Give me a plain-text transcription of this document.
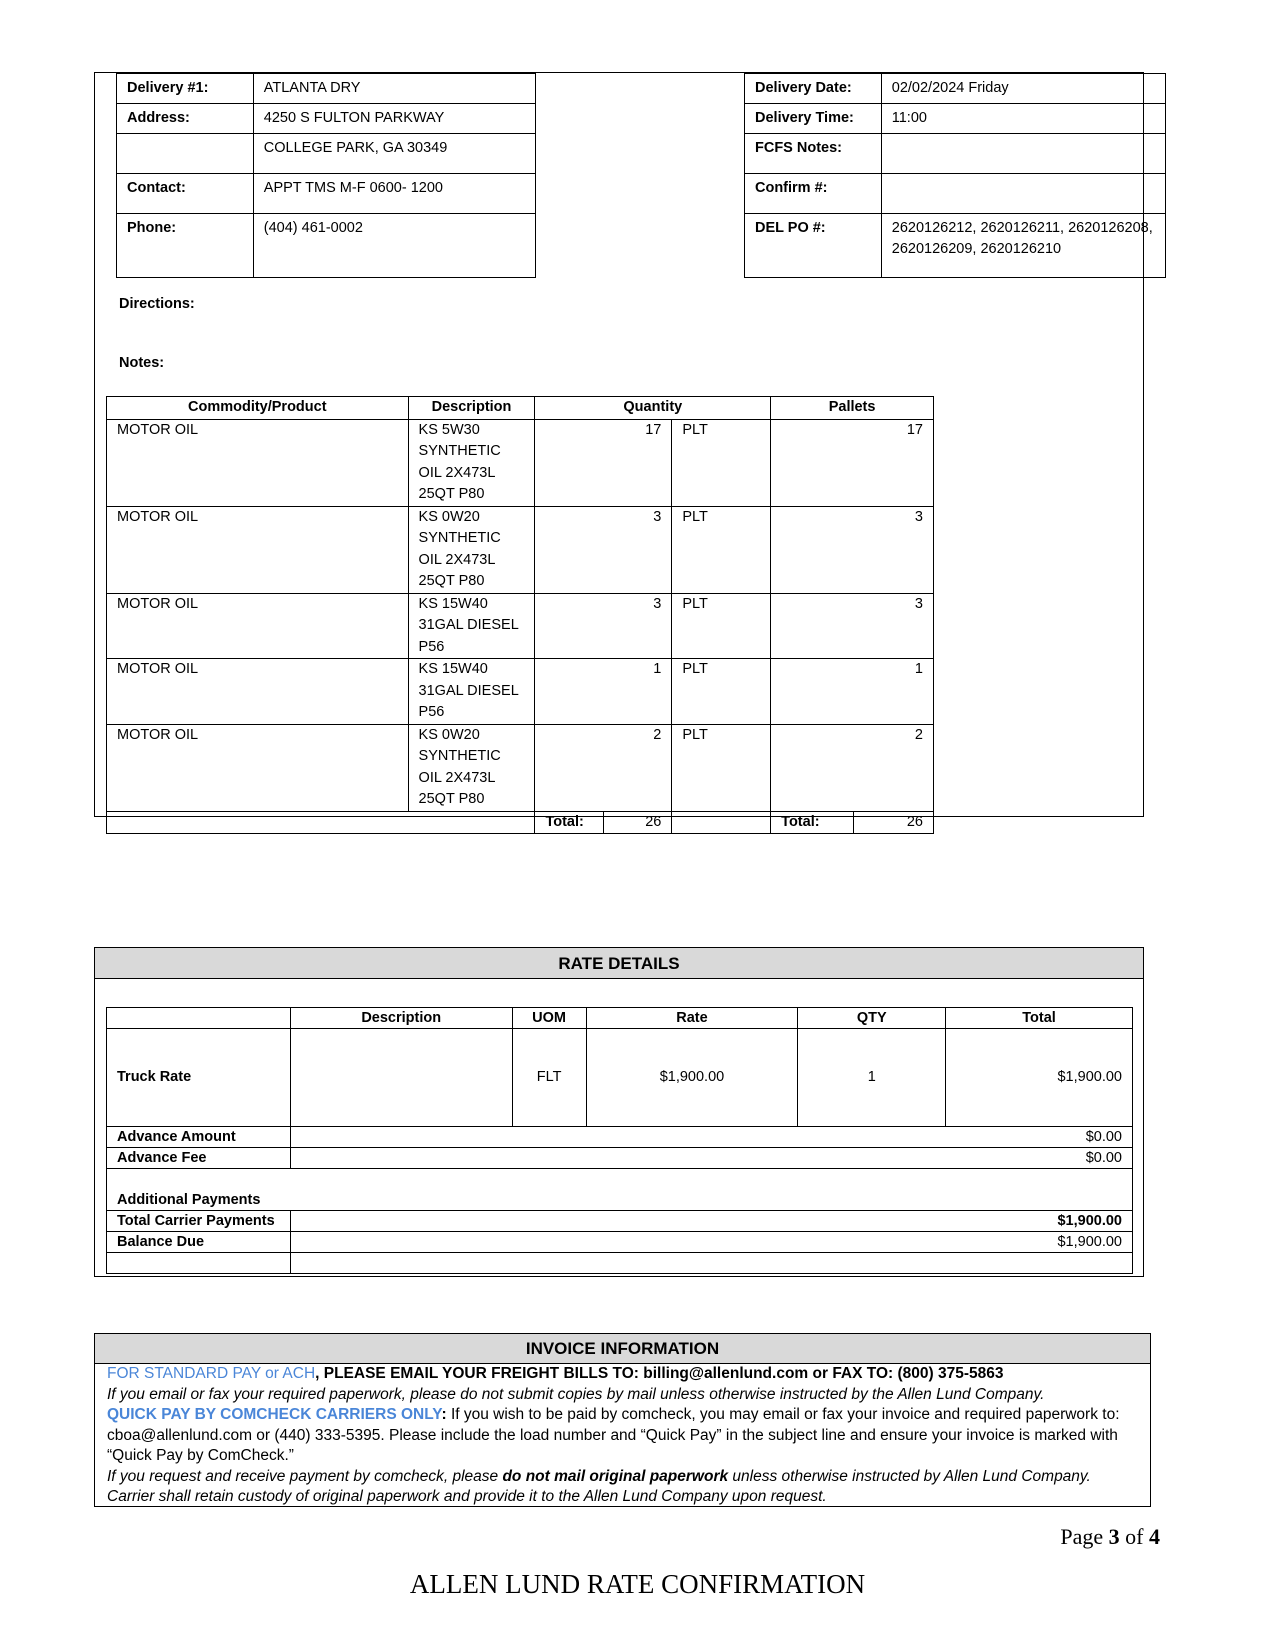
Delivery #1:	ATLANTA DRY
Address:	4250 S FULTON PARKWAY
	COLLEGE PARK, GA 30349
Contact:	APPT TMS M-F 0600- 1200
Phone:	(404) 461-0002
Delivery Date:	02/02/2024 Friday
Delivery Time:	11:00
FCFS Notes:	
Confirm #:	
DEL PO #:	2620126212, 2620126211, 2620126208, 2620126209, 2620126210
Directions:
Notes:
Commodity/Product	Description	Quantity			Pallets	
MOTOR OIL	KS 5W30 SYNTHETIC OIL 2X473L 25QT P80	17		PLT	17	
MOTOR OIL	KS 0W20 SYNTHETIC OIL 2X473L 25QT P80	3		PLT	3	
MOTOR OIL	KS 15W40 31GAL DIESEL P56	3		PLT	3	
MOTOR OIL	KS 15W40 31GAL DIESEL P56	1		PLT	1	
MOTOR OIL	KS 0W20 SYNTHETIC OIL 2X473L 25QT P80	2		PLT	2	
		Total:	26		Total:	26
RATE DETAILS
	Description	UOM	Rate	QTY	Total
Truck Rate		FLT	$1,900.00	1	$1,900.00
Advance Amount	$0.00				
Advance Fee	$0.00				
Additional Payments					
Total Carrier Payments	$1,900.00				
Balance Due	$1,900.00				

INVOICE INFORMATION
FOR STANDARD PAY or ACH, PLEASE EMAIL YOUR FREIGHT BILLS TO: billing@allenlund.com or FAX TO: (800) 375-5863
If you email or fax your required paperwork, please do not submit copies by mail unless otherwise instructed by the Allen Lund Company.
QUICK PAY BY COMCHECK CARRIERS ONLY: If you wish to be paid by comcheck, you may email or fax your invoice and required paperwork to: cboa@allenlund.com or (440) 333-5395. Please include the load number and “Quick Pay” in the subject line and ensure your invoice is marked with “Quick Pay by ComCheck.”
If you request and receive payment by comcheck, please do not mail original paperwork unless otherwise instructed by Allen Lund Company.
Carrier shall retain custody of original paperwork and provide it to the Allen Lund Company upon request.
Page 3 of 4
ALLEN LUND RATE CONFIRMATION
